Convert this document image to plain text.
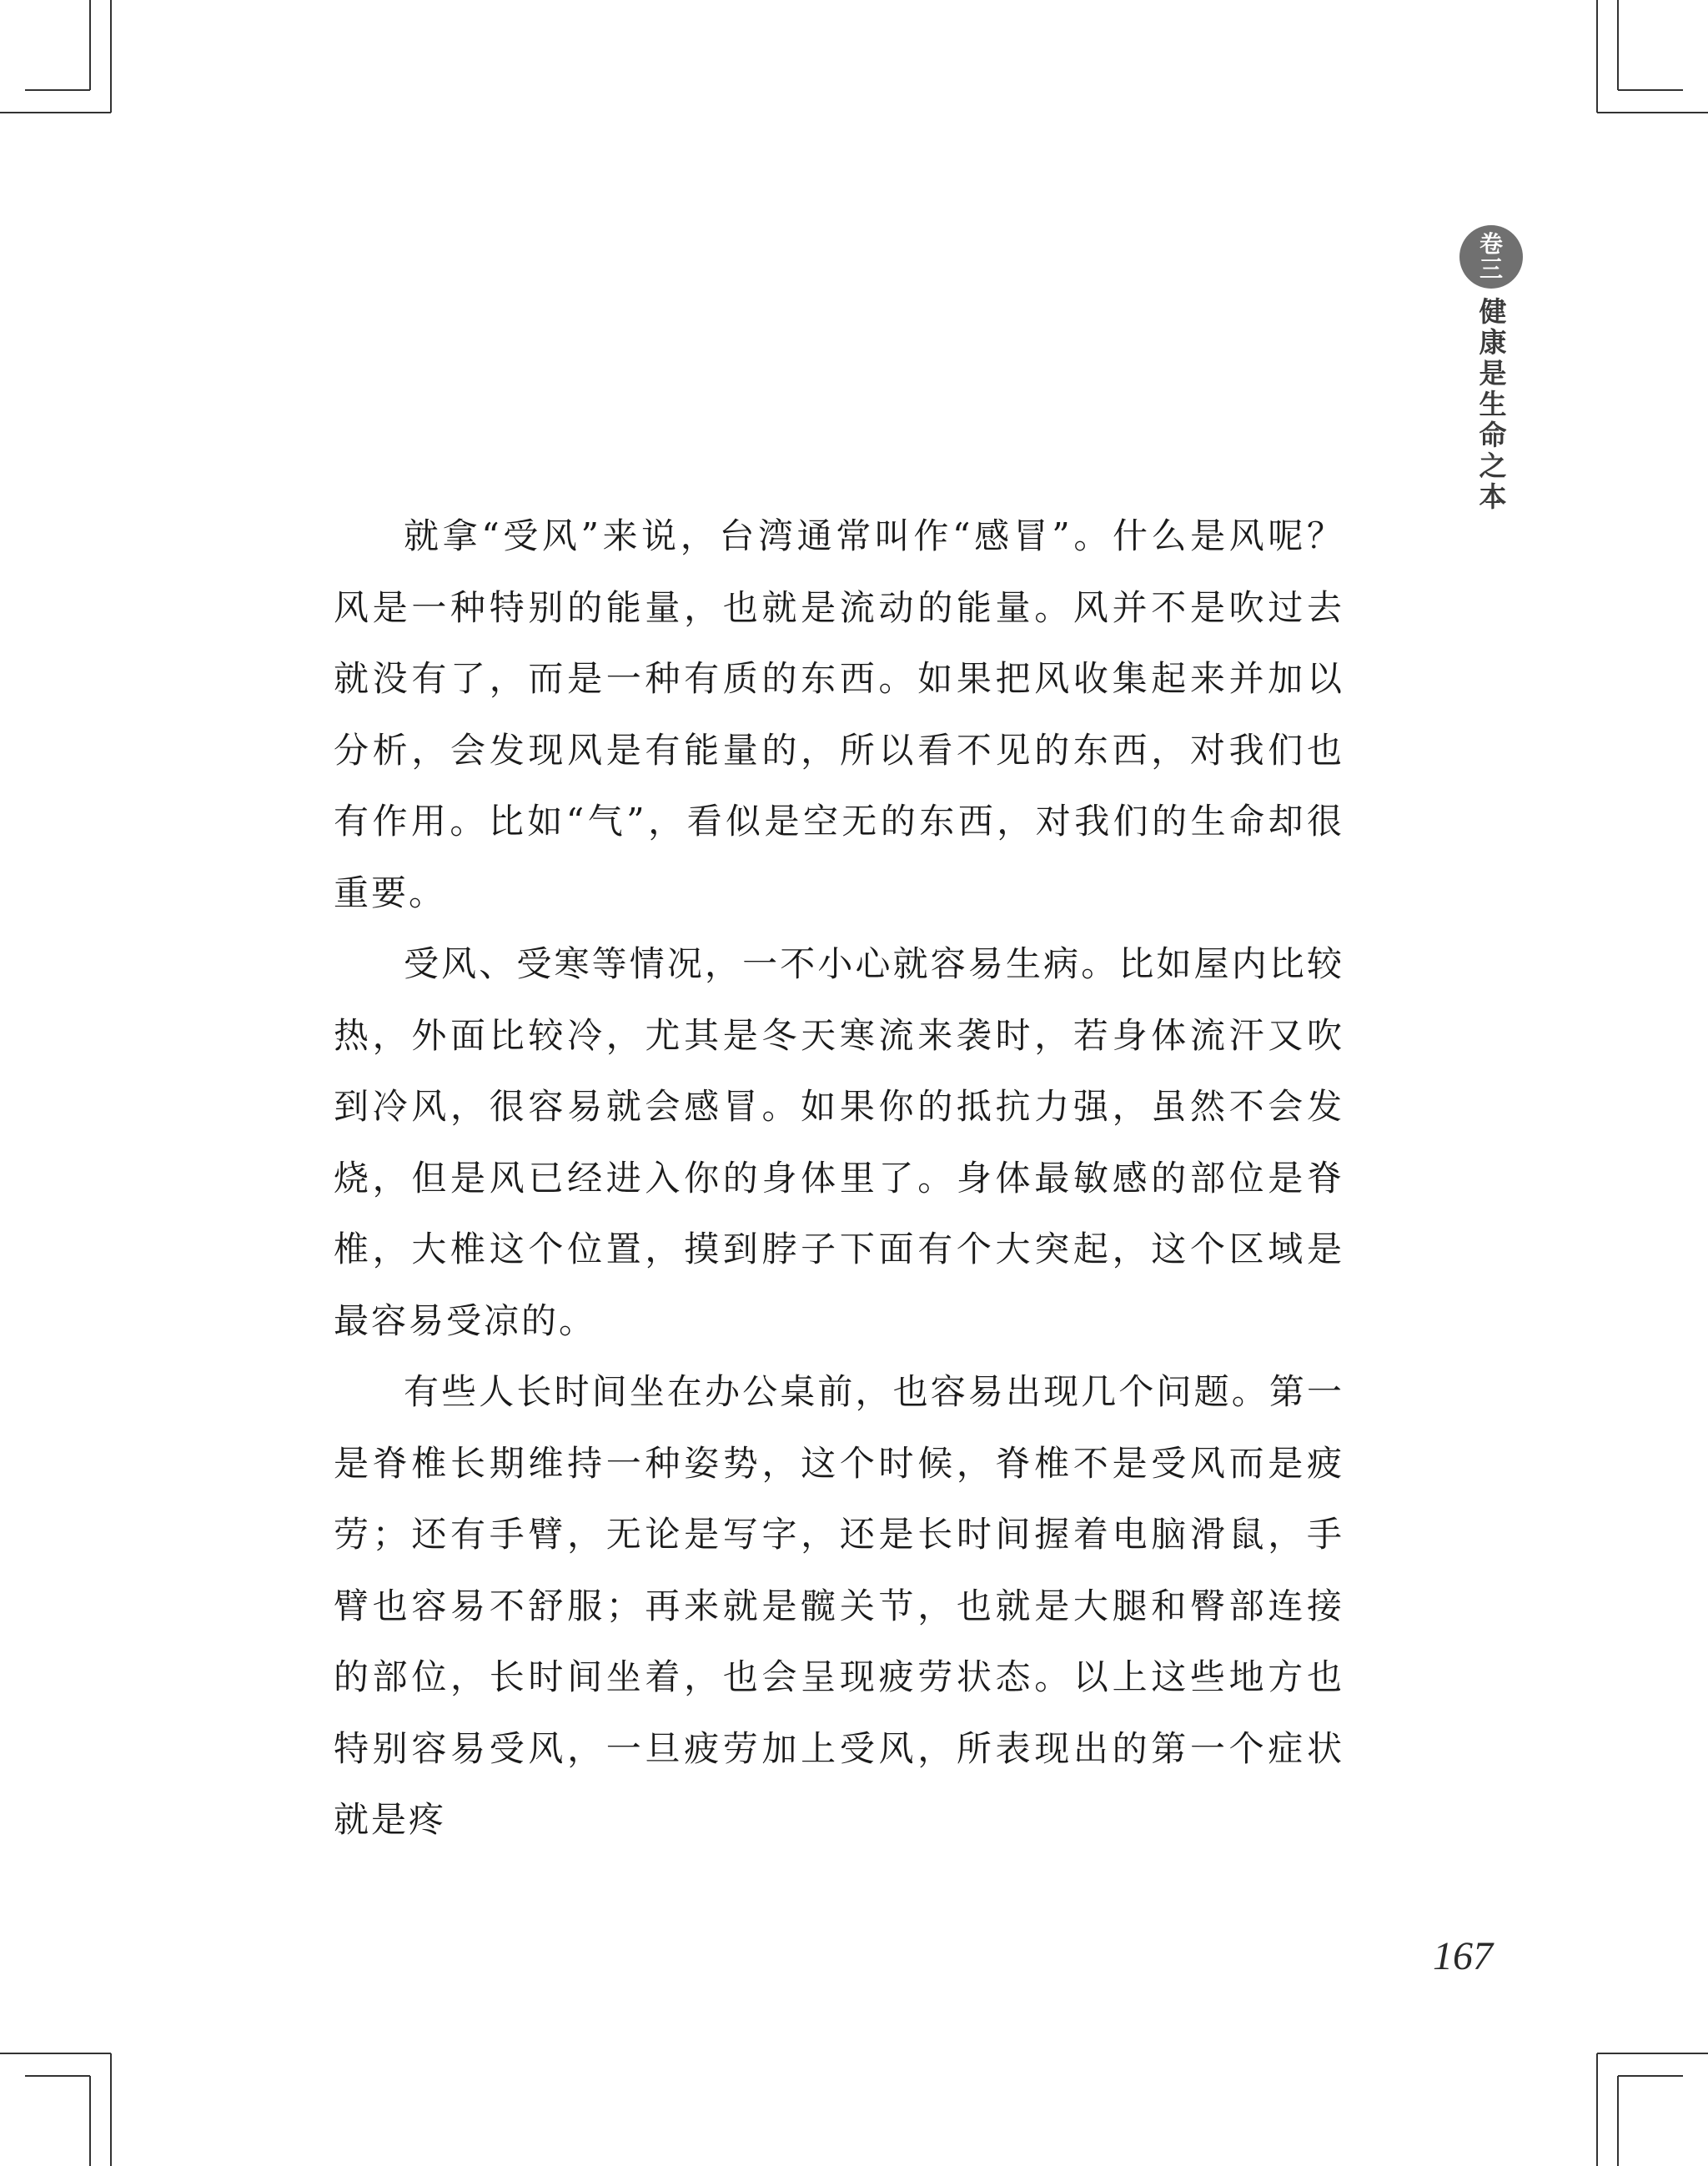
卷
三
健康是生命之本

就拿“受风”来说，台湾通常叫作“感冒”。什么是风呢？风是一种特别的能量，也就是流动的能量。风并不是吹过去就没有了，而是一种有质的东西。如果把风收集起来并加以分析，会发现风是有能量的，所以看不见的东西，对我们也有作用。比如“气”，看似是空无的东西，对我们的生命却很重要。

受风、受寒等情况，一不小心就容易生病。比如屋内比较热，外面比较冷，尤其是冬天寒流来袭时，若身体流汗又吹到冷风，很容易就会感冒。如果你的抵抗力强，虽然不会发烧，但是风已经进入你的身体里了。身体最敏感的部位是脊椎，大椎这个位置，摸到脖子下面有个大突起，这个区域是最容易受凉的。

有些人长时间坐在办公桌前，也容易出现几个问题。第一是脊椎长期维持一种姿势，这个时候，脊椎不是受风而是疲劳；还有手臂，无论是写字，还是长时间握着电脑滑鼠，手臂也容易不舒服；再来就是髋关节，也就是大腿和臀部连接的部位，长时间坐着，也会呈现疲劳状态。以上这些地方也特别容易受风，一旦疲劳加上受风，所表现出的第一个症状就是疼

167
